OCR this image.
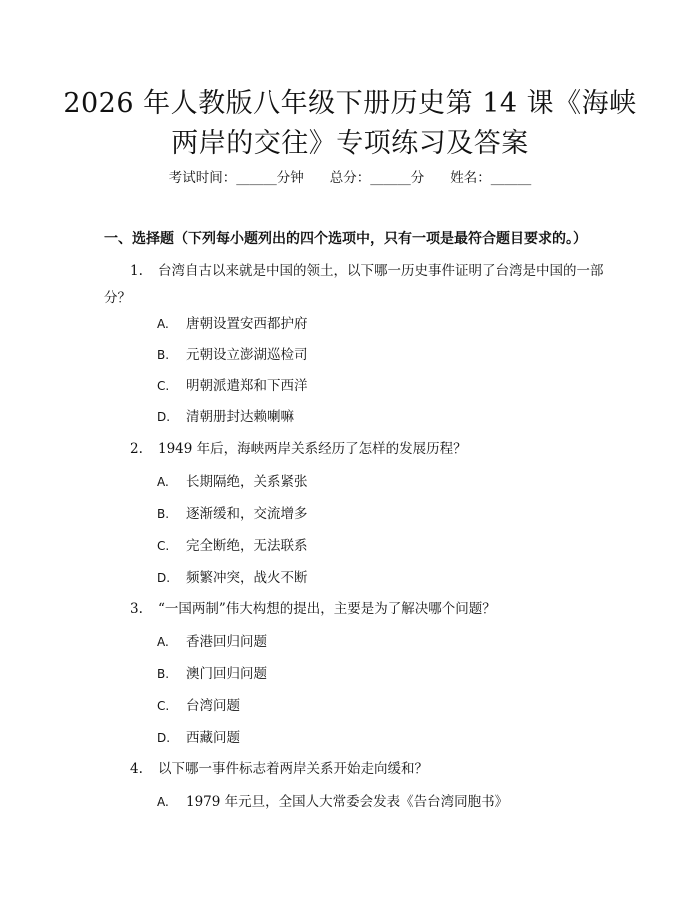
2026 年人教版八年级下册历史第 14 课《海峡两岸的交往》专项练习及答案
考试时间：______分钟 总分：______分 姓名：______
一、选择题（下列每小题列出的四个选项中，只有一项是最符合题目要求的。）
1. 台湾自古以来就是中国的领土，以下哪一历史事件证明了台湾是中国的一部分？
A. 唐朝设置安西都护府
B. 元朝设立澎湖巡检司
C. 明朝派遣郑和下西洋
D. 清朝册封达赖喇嘛
2. 1949 年后，海峡两岸关系经历了怎样的发展历程？
A. 长期隔绝，关系紧张
B. 逐渐缓和，交流增多
C. 完全断绝，无法联系
D. 频繁冲突，战火不断
3. “一国两制”伟大构想的提出，主要是为了解决哪个问题？
A. 香港回归问题
B. 澳门回归问题
C. 台湾问题
D. 西藏问题
4. 以下哪一事件标志着两岸关系开始走向缓和？
A. 1979 年元旦，全国人大常委会发表《告台湾同胞书》
